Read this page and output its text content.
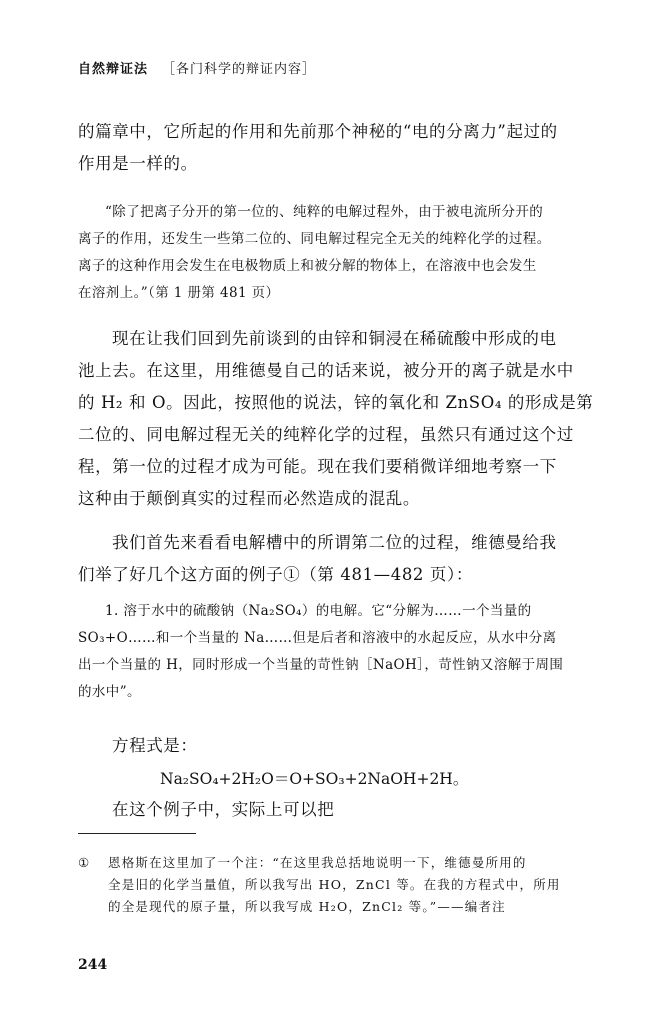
自然辩证法 ［各门科学的辩证内容］

的篇章中，它所起的作用和先前那个神秘的“电的分离力”起过的

作用是一样的。

“除了把离子分开的第一位的、纯粹的电解过程外，由于被电流所分开的

离子的作用，还发生一些第二位的、同电解过程完全无关的纯粹化学的过程。

离子的这种作用会发生在电极物质上和被分解的物体上，在溶液中也会发生

在溶剂上。”（第 1 册第 481 页）

现在让我们回到先前谈到的由锌和铜浸在稀硫酸中形成的电

池上去。在这里，用维德曼自己的话来说，被分开的离子就是水中

的 H₂ 和 O。因此，按照他的说法，锌的氧化和 ZnSO₄ 的形成是第

二位的、同电解过程无关的纯粹化学的过程，虽然只有通过这个过

程，第一位的过程才成为可能。现在我们要稍微详细地考察一下

这种由于颠倒真实的过程而必然造成的混乱。

我们首先来看看电解槽中的所谓第二位的过程，维德曼给我

们举了好几个这方面的例子①（第 481—482 页）：

1. 溶于水中的硫酸钠（Na₂SO₄）的电解。它“分解为……一个当量的

SO₃+O……和一个当量的 Na……但是后者和溶液中的水起反应，从水中分离

出一个当量的 H，同时形成一个当量的苛性钠［NaOH］，苛性钠又溶解于周围

的水中”。

方程式是：

Na₂SO₄+2H₂O＝O+SO₃+2NaOH+2H。

在这个例子中，实际上可以把

① 恩格斯在这里加了一个注：“在这里我总括地说明一下，维德曼所用的
全是旧的化学当量值，所以我写出 HO，ZnCl 等。在我的方程式中，所用
的全是现代的原子量，所以我写成 H₂O，ZnCl₂ 等。”——编者注
244
